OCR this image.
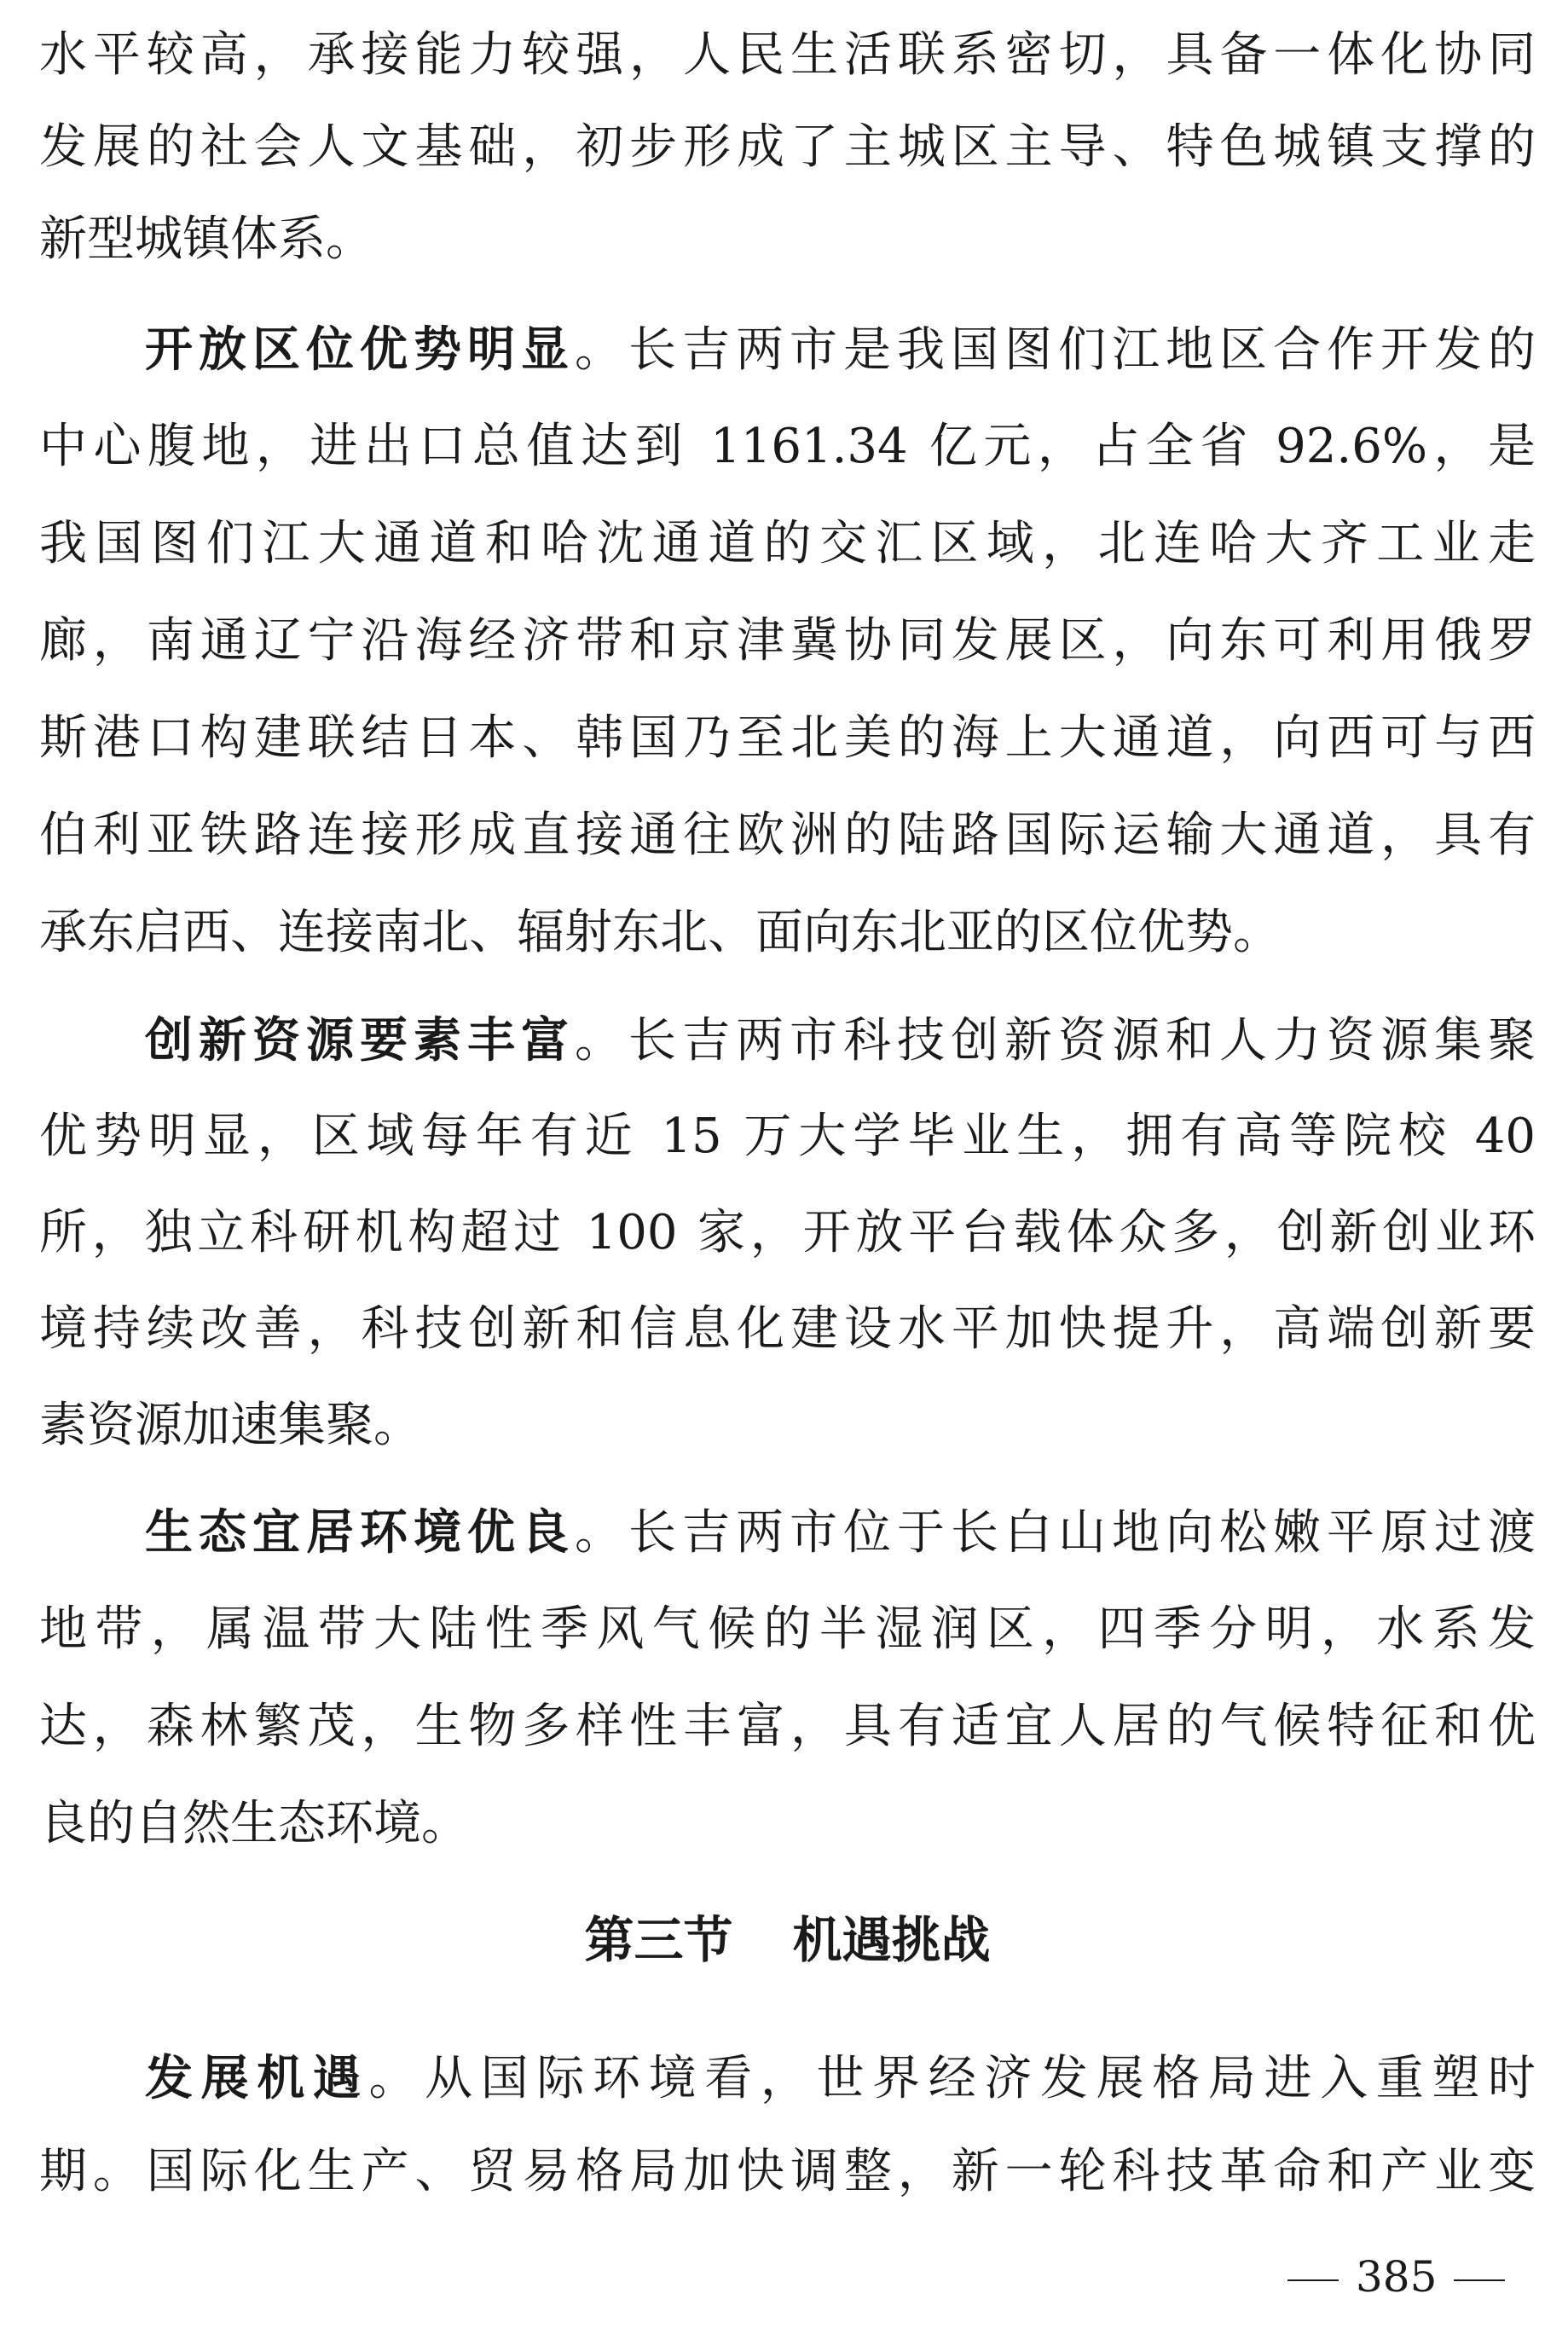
水平较高，承接能力较强，人民生活联系密切，具备一体化协同
发展的社会人文基础，初步形成了主城区主导、特色城镇支撑的
新型城镇体系。
开放区位优势明显。长吉两市是我国图们江地区合作开发的
中心腹地，进出口总值达到 1161.34 亿元，占全省 92.6%，是
我国图们江大通道和哈沈通道的交汇区域，北连哈大齐工业走
廊，南通辽宁沿海经济带和京津冀协同发展区，向东可利用俄罗
斯港口构建联结日本、韩国乃至北美的海上大通道，向西可与西
伯利亚铁路连接形成直接通往欧洲的陆路国际运输大通道，具有
承东启西、连接南北、辐射东北、面向东北亚的区位优势。
创新资源要素丰富。长吉两市科技创新资源和人力资源集聚
优势明显，区域每年有近 15 万大学毕业生，拥有高等院校 40
所，独立科研机构超过 100 家，开放平台载体众多，创新创业环
境持续改善，科技创新和信息化建设水平加快提升，高端创新要
素资源加速集聚。
生态宜居环境优良。长吉两市位于长白山地向松嫩平原过渡
地带，属温带大陆性季风气候的半湿润区，四季分明，水系发
达，森林繁茂，生物多样性丰富，具有适宜人居的气候特征和优
良的自然生态环境。
第三节 机遇挑战
发展机遇。从国际环境看，世界经济发展格局进入重塑时
期。国际化生产、贸易格局加快调整，新一轮科技革命和产业变
385
